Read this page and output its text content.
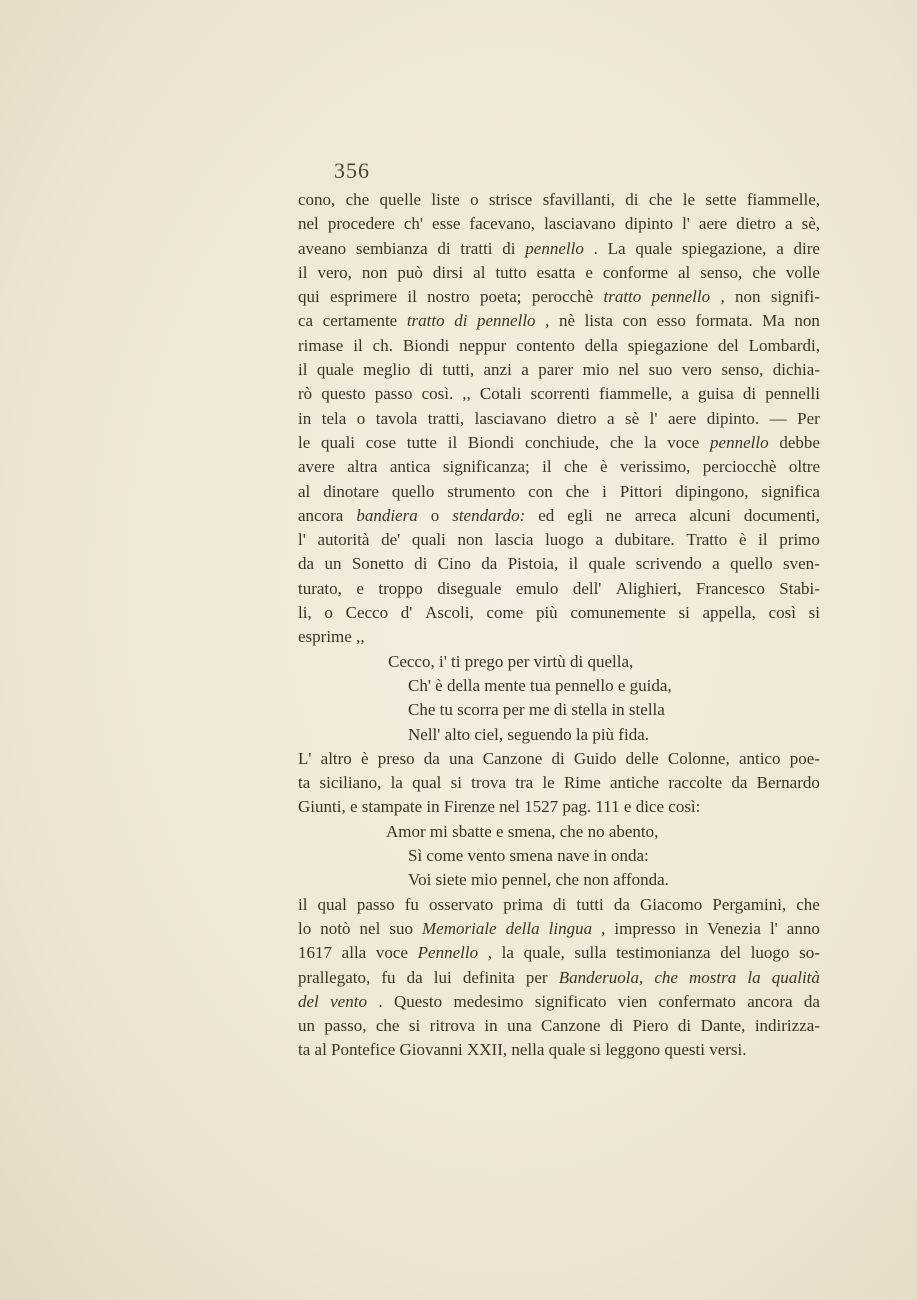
356
cono, che quelle liste o strisce sfavillanti, di che le sette fiammelle,
nel procedere ch' esse facevano, lasciavano dipinto l' aere dietro a sè,
aveano sembianza di tratti di pennello . La quale spiegazione, a dire
il vero, non può dirsi al tutto esatta e conforme al senso, che volle
qui esprimere il nostro poeta; perocchè tratto pennello , non signifi-
ca certamente tratto di pennello , nè lista con esso formata. Ma non
rimase il ch. Biondi neppur contento della spiegazione del Lombardi,
il quale meglio di tutti, anzi a parer mio nel suo vero senso, dichia-
rò questo passo così. ,, Cotali scorrenti fiammelle, a guisa di pennelli
in tela o tavola tratti, lasciavano dietro a sè l' aere dipinto. — Per
le quali cose tutte il Biondi conchiude, che la voce pennello debbe
avere altra antica significanza; il che è verissimo, perciocchè oltre
al dinotare quello strumento con che i Pittori dipingono, significa
ancora bandiera o stendardo: ed egli ne arreca alcuni documenti,
l' autorità de' quali non lascia luogo a dubitare. Tratto è il primo
da un Sonetto di Cino da Pistoia, il quale scrivendo a quello sven-
turato, e troppo diseguale emulo dell' Alighieri, Francesco Stabi-
li, o Cecco d' Ascoli, come più comunemente si appella, così si
esprime ,,
Cecco, i' ti prego per virtù di quella,
Ch' è della mente tua pennello e guida,
Che tu scorra per me di stella in stella
Nell' alto ciel, seguendo la più fida.
L' altro è preso da una Canzone di Guido delle Colonne, antico poe-
ta siciliano, la qual si trova tra le Rime antiche raccolte da Bernardo
Giunti, e stampate in Firenze nel 1527 pag. 111 e dice così:
Amor mi sbatte e smena, che no abento,
Sì come vento smena nave in onda:
Voi siete mio pennel, che non affonda.
il qual passo fu osservato prima di tutti da Giacomo Pergamini, che
lo notò nel suo Memoriale della lingua , impresso in Venezia l' anno
1617 alla voce Pennello , la quale, sulla testimonianza del luogo so-
prallegato, fu da lui definita per Banderuola, che mostra la qualità
del vento . Questo medesimo significato vien confermato ancora da
un passo, che si ritrova in una Canzone di Piero di Dante, indirizza-
ta al Pontefice Giovanni XXII, nella quale si leggono questi versi.
